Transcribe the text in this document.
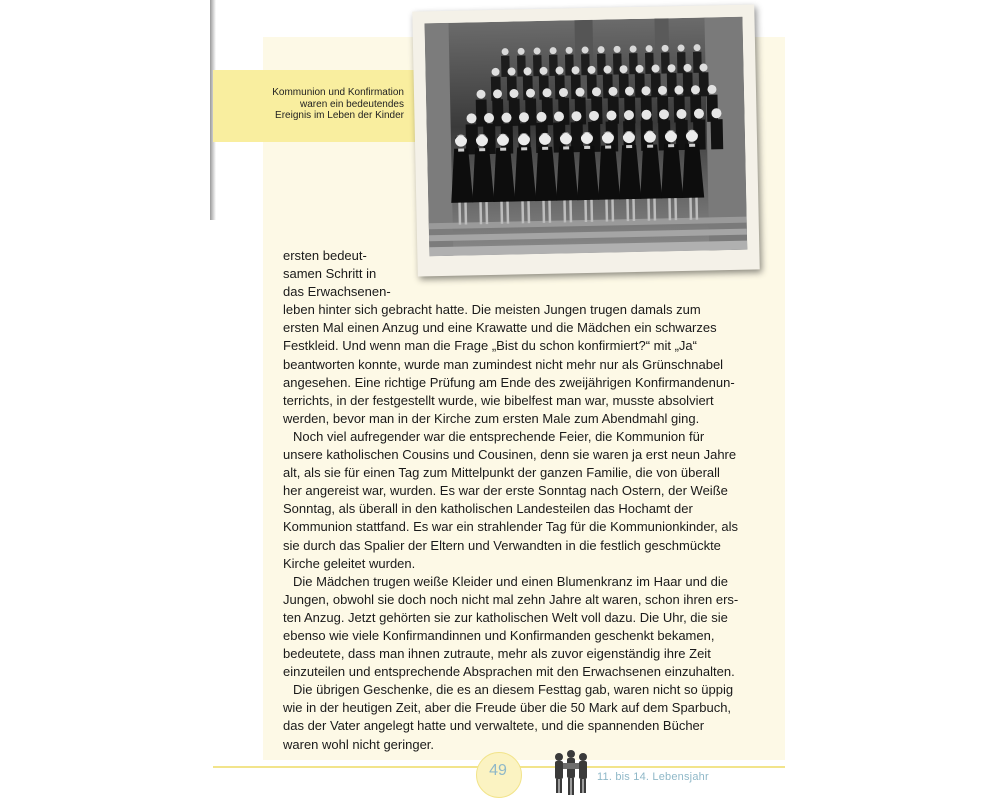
Kommunion und Konfirmation
waren ein bedeutendes
Ereignis im Leben der Kinder
ersten bedeut-
samen Schritt in
das Erwachsenen-
leben hinter sich gebracht hatte. Die meisten Jungen trugen damals zum
ersten Mal einen Anzug und eine Krawatte und die Mädchen ein schwarzes
Festkleid. Und wenn man die Frage „Bist du schon konfirmiert?“ mit „Ja“
beantworten konnte, wurde man zumindest nicht mehr nur als Grünschnabel
angesehen. Eine richtige Prüfung am Ende des zweijährigen Konfirmandenun-
terrichts, in der festgestellt wurde, wie bibelfest man war, musste absolviert
werden, bevor man in der Kirche zum ersten Male zum Abendmahl ging.
Noch viel aufregender war die entsprechende Feier, die Kommunion für
unsere katholischen Cousins und Cousinen, denn sie waren ja erst neun Jahre
alt, als sie für einen Tag zum Mittelpunkt der ganzen Familie, die von überall
her angereist war, wurden. Es war der erste Sonntag nach Ostern, der Weiße
Sonntag, als überall in den katholischen Landesteilen das Hochamt der
Kommunion stattfand. Es war ein strahlender Tag für die Kommunionkinder, als
sie durch das Spalier der Eltern und Verwandten in die festlich geschmückte
Kirche geleitet wurden.
Die Mädchen trugen weiße Kleider und einen Blumenkranz im Haar und die
Jungen, obwohl sie doch noch nicht mal zehn Jahre alt waren, schon ihren ers-
ten Anzug. Jetzt gehörten sie zur katholischen Welt voll dazu. Die Uhr, die sie
ebenso wie viele Konfirmandinnen und Konfirmanden geschenkt bekamen,
bedeutete, dass man ihnen zutraute, mehr als zuvor eigenständig ihre Zeit
einzuteilen und entsprechende Absprachen mit den Erwachsenen einzuhalten.
Die übrigen Geschenke, die es an diesem Festtag gab, waren nicht so üppig
wie in der heutigen Zeit, aber die Freude über die 50 Mark auf dem Sparbuch,
das der Vater angelegt hatte und verwaltete, und die spannenden Bücher
waren wohl nicht geringer.
49	11. bis 14. Lebensjahr
